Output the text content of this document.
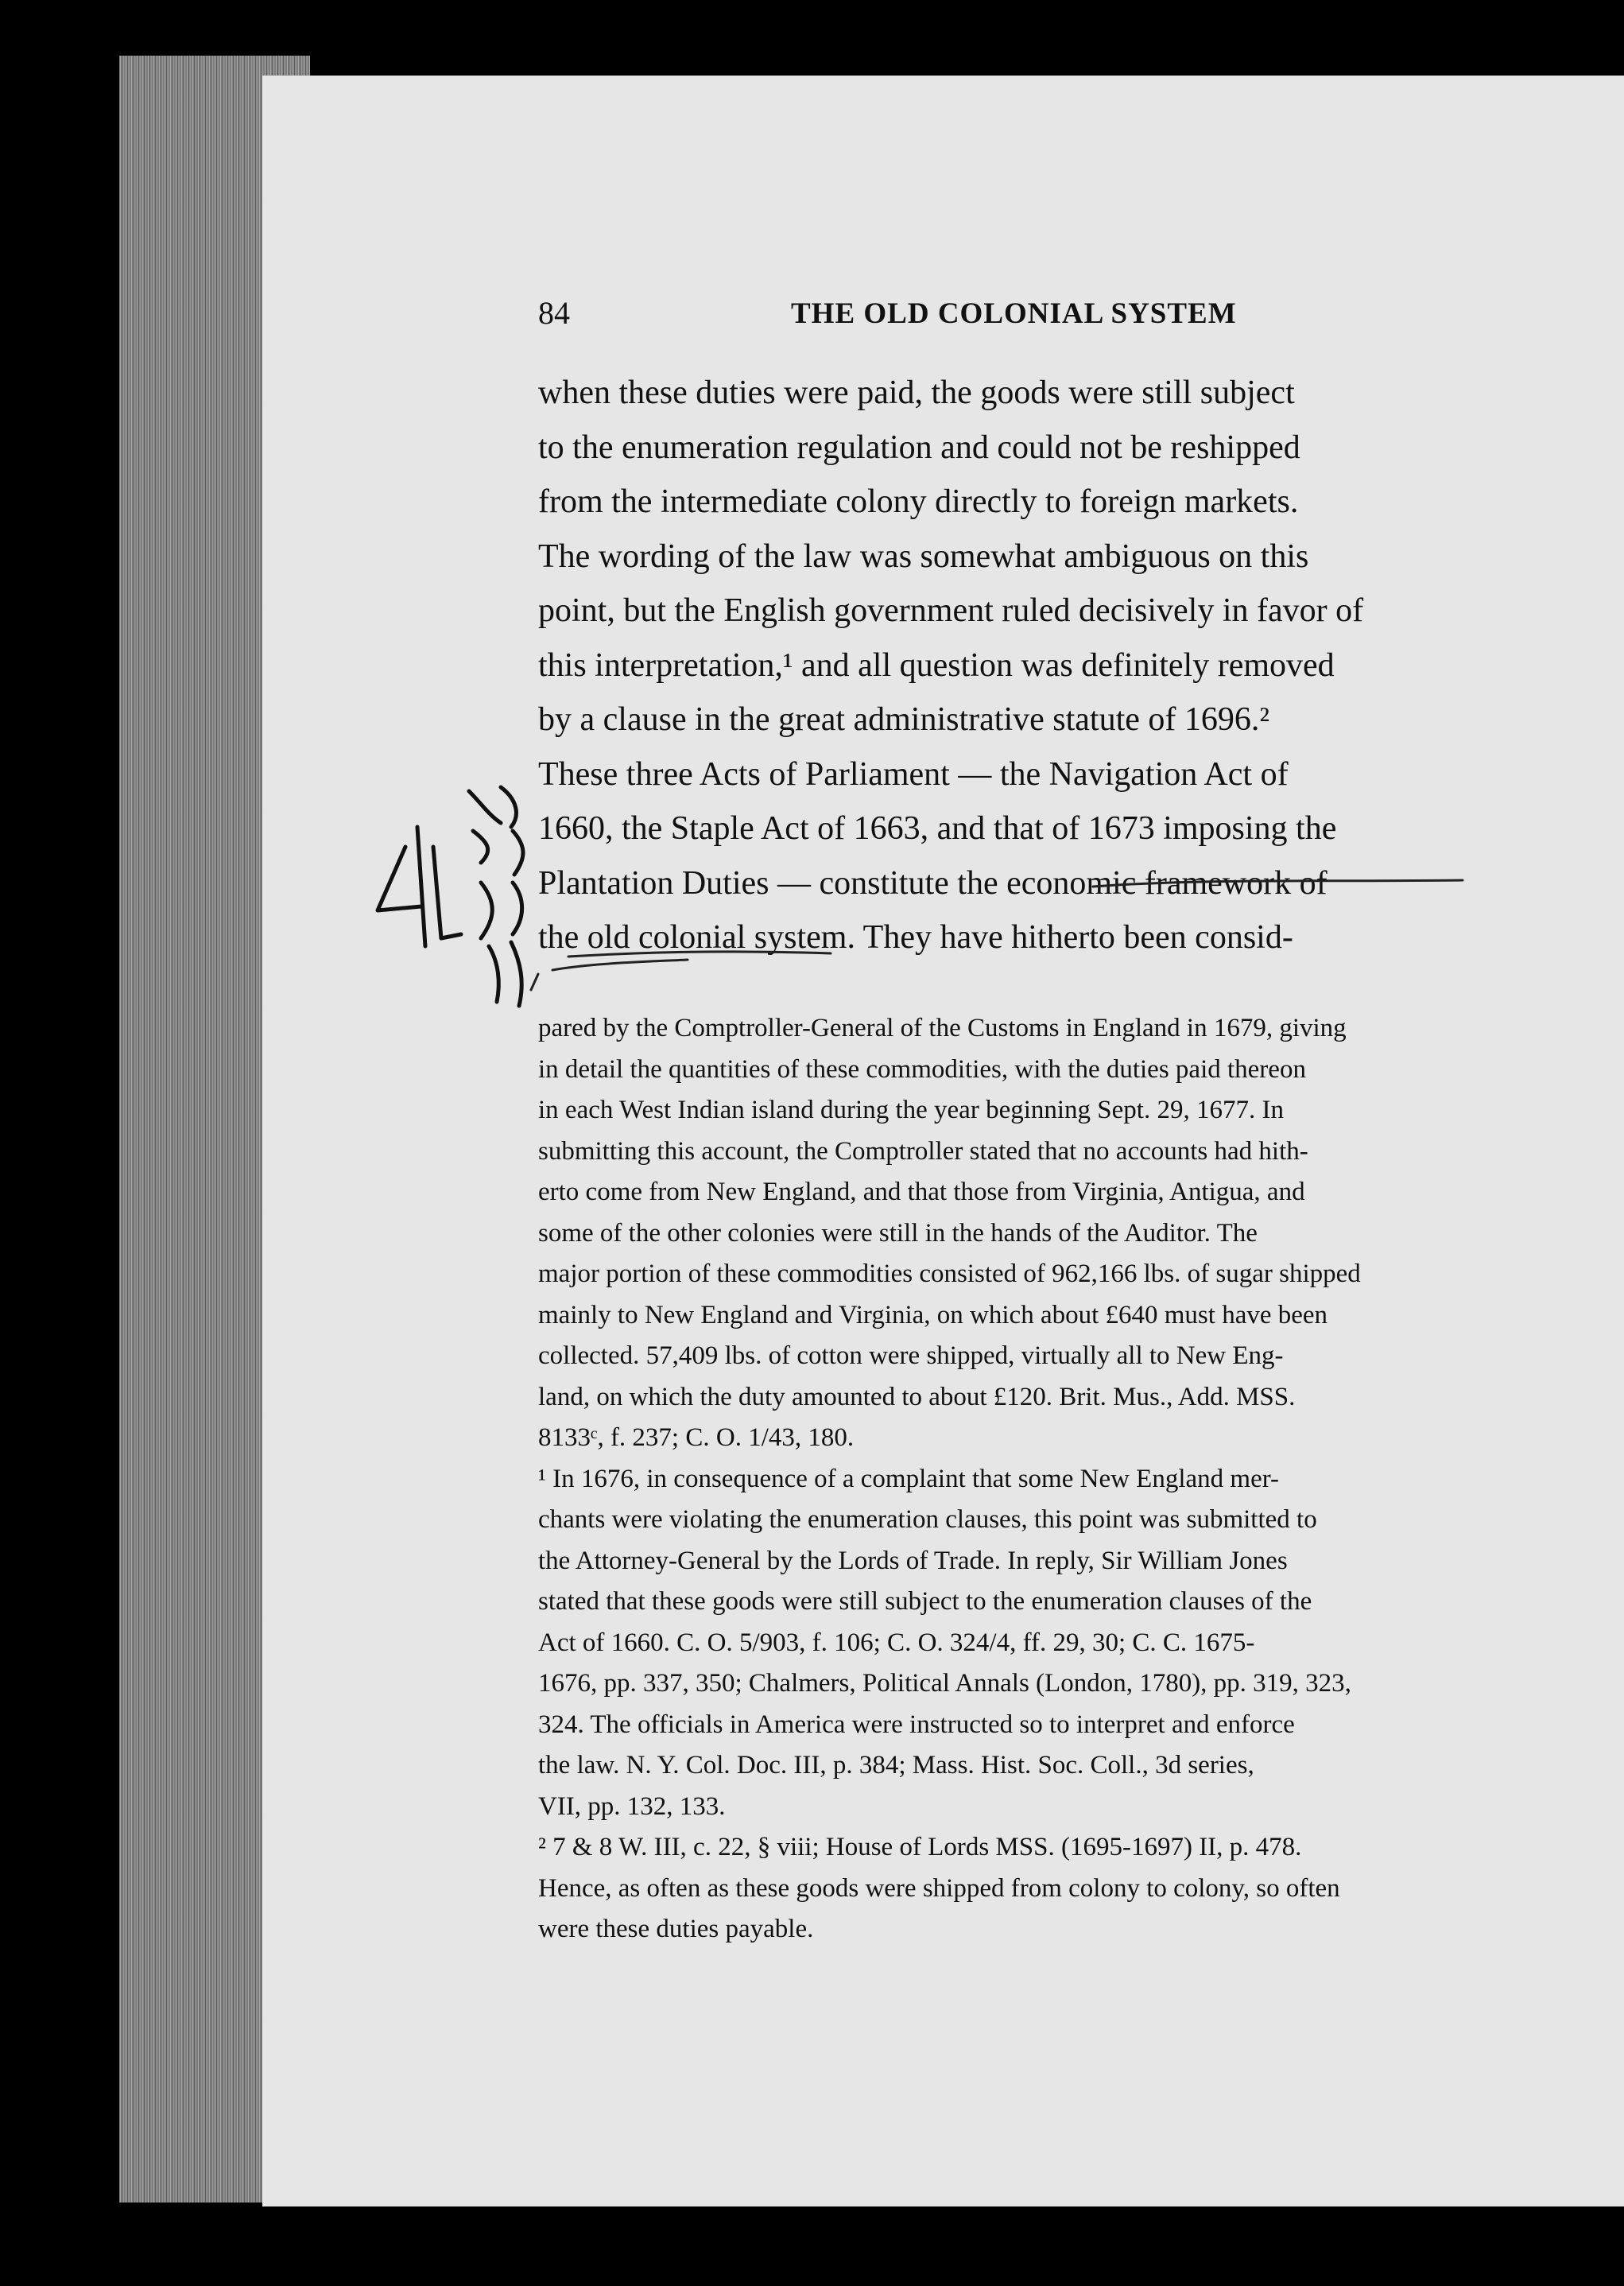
84	THE OLD COLONIAL SYSTEM

when these duties were paid, the goods were still subject
to the enumeration regulation and could not be reshipped
from the intermediate colony directly to foreign markets.
The wording of the law was somewhat ambiguous on this
point, but the English government ruled decisively in favor of
this interpretation,¹ and all question was definitely removed
by a clause in the great administrative statute of 1696.²
These three Acts of Parliament — the Navigation Act of
1660, the Staple Act of 1663, and that of 1673 imposing the
Plantation Duties — constitute the economic framework of
the old colonial system. They have hitherto been consid-

pared by the Comptroller-General of the Customs in England in 1679, giving
in detail the quantities of these commodities, with the duties paid thereon
in each West Indian island during the year beginning Sept. 29, 1677. In
submitting this account, the Comptroller stated that no accounts had hith-
erto come from New England, and that those from Virginia, Antigua, and
some of the other colonies were still in the hands of the Auditor. The
major portion of these commodities consisted of 962,166 lbs. of sugar shipped
mainly to New England and Virginia, on which about £640 must have been
collected. 57,409 lbs. of cotton were shipped, virtually all to New Eng-
land, on which the duty amounted to about £120. Brit. Mus., Add. MSS.
8133ᶜ, f. 237; C. O. 1/43, 180.

¹ In 1676, in consequence of a complaint that some New England mer-
chants were violating the enumeration clauses, this point was submitted to
the Attorney-General by the Lords of Trade. In reply, Sir William Jones
stated that these goods were still subject to the enumeration clauses of the
Act of 1660. C. O. 5/903, f. 106; C. O. 324/4, ff. 29, 30; C. C. 1675-
1676, pp. 337, 350; Chalmers, Political Annals (London, 1780), pp. 319, 323,
324. The officials in America were instructed so to interpret and enforce
the law. N. Y. Col. Doc. III, p. 384; Mass. Hist. Soc. Coll., 3d series,
VII, pp. 132, 133.

² 7 & 8 W. III, c. 22, § viii; House of Lords MSS. (1695-1697) II, p. 478.
Hence, as often as these goods were shipped from colony to colony, so often
were these duties payable.
